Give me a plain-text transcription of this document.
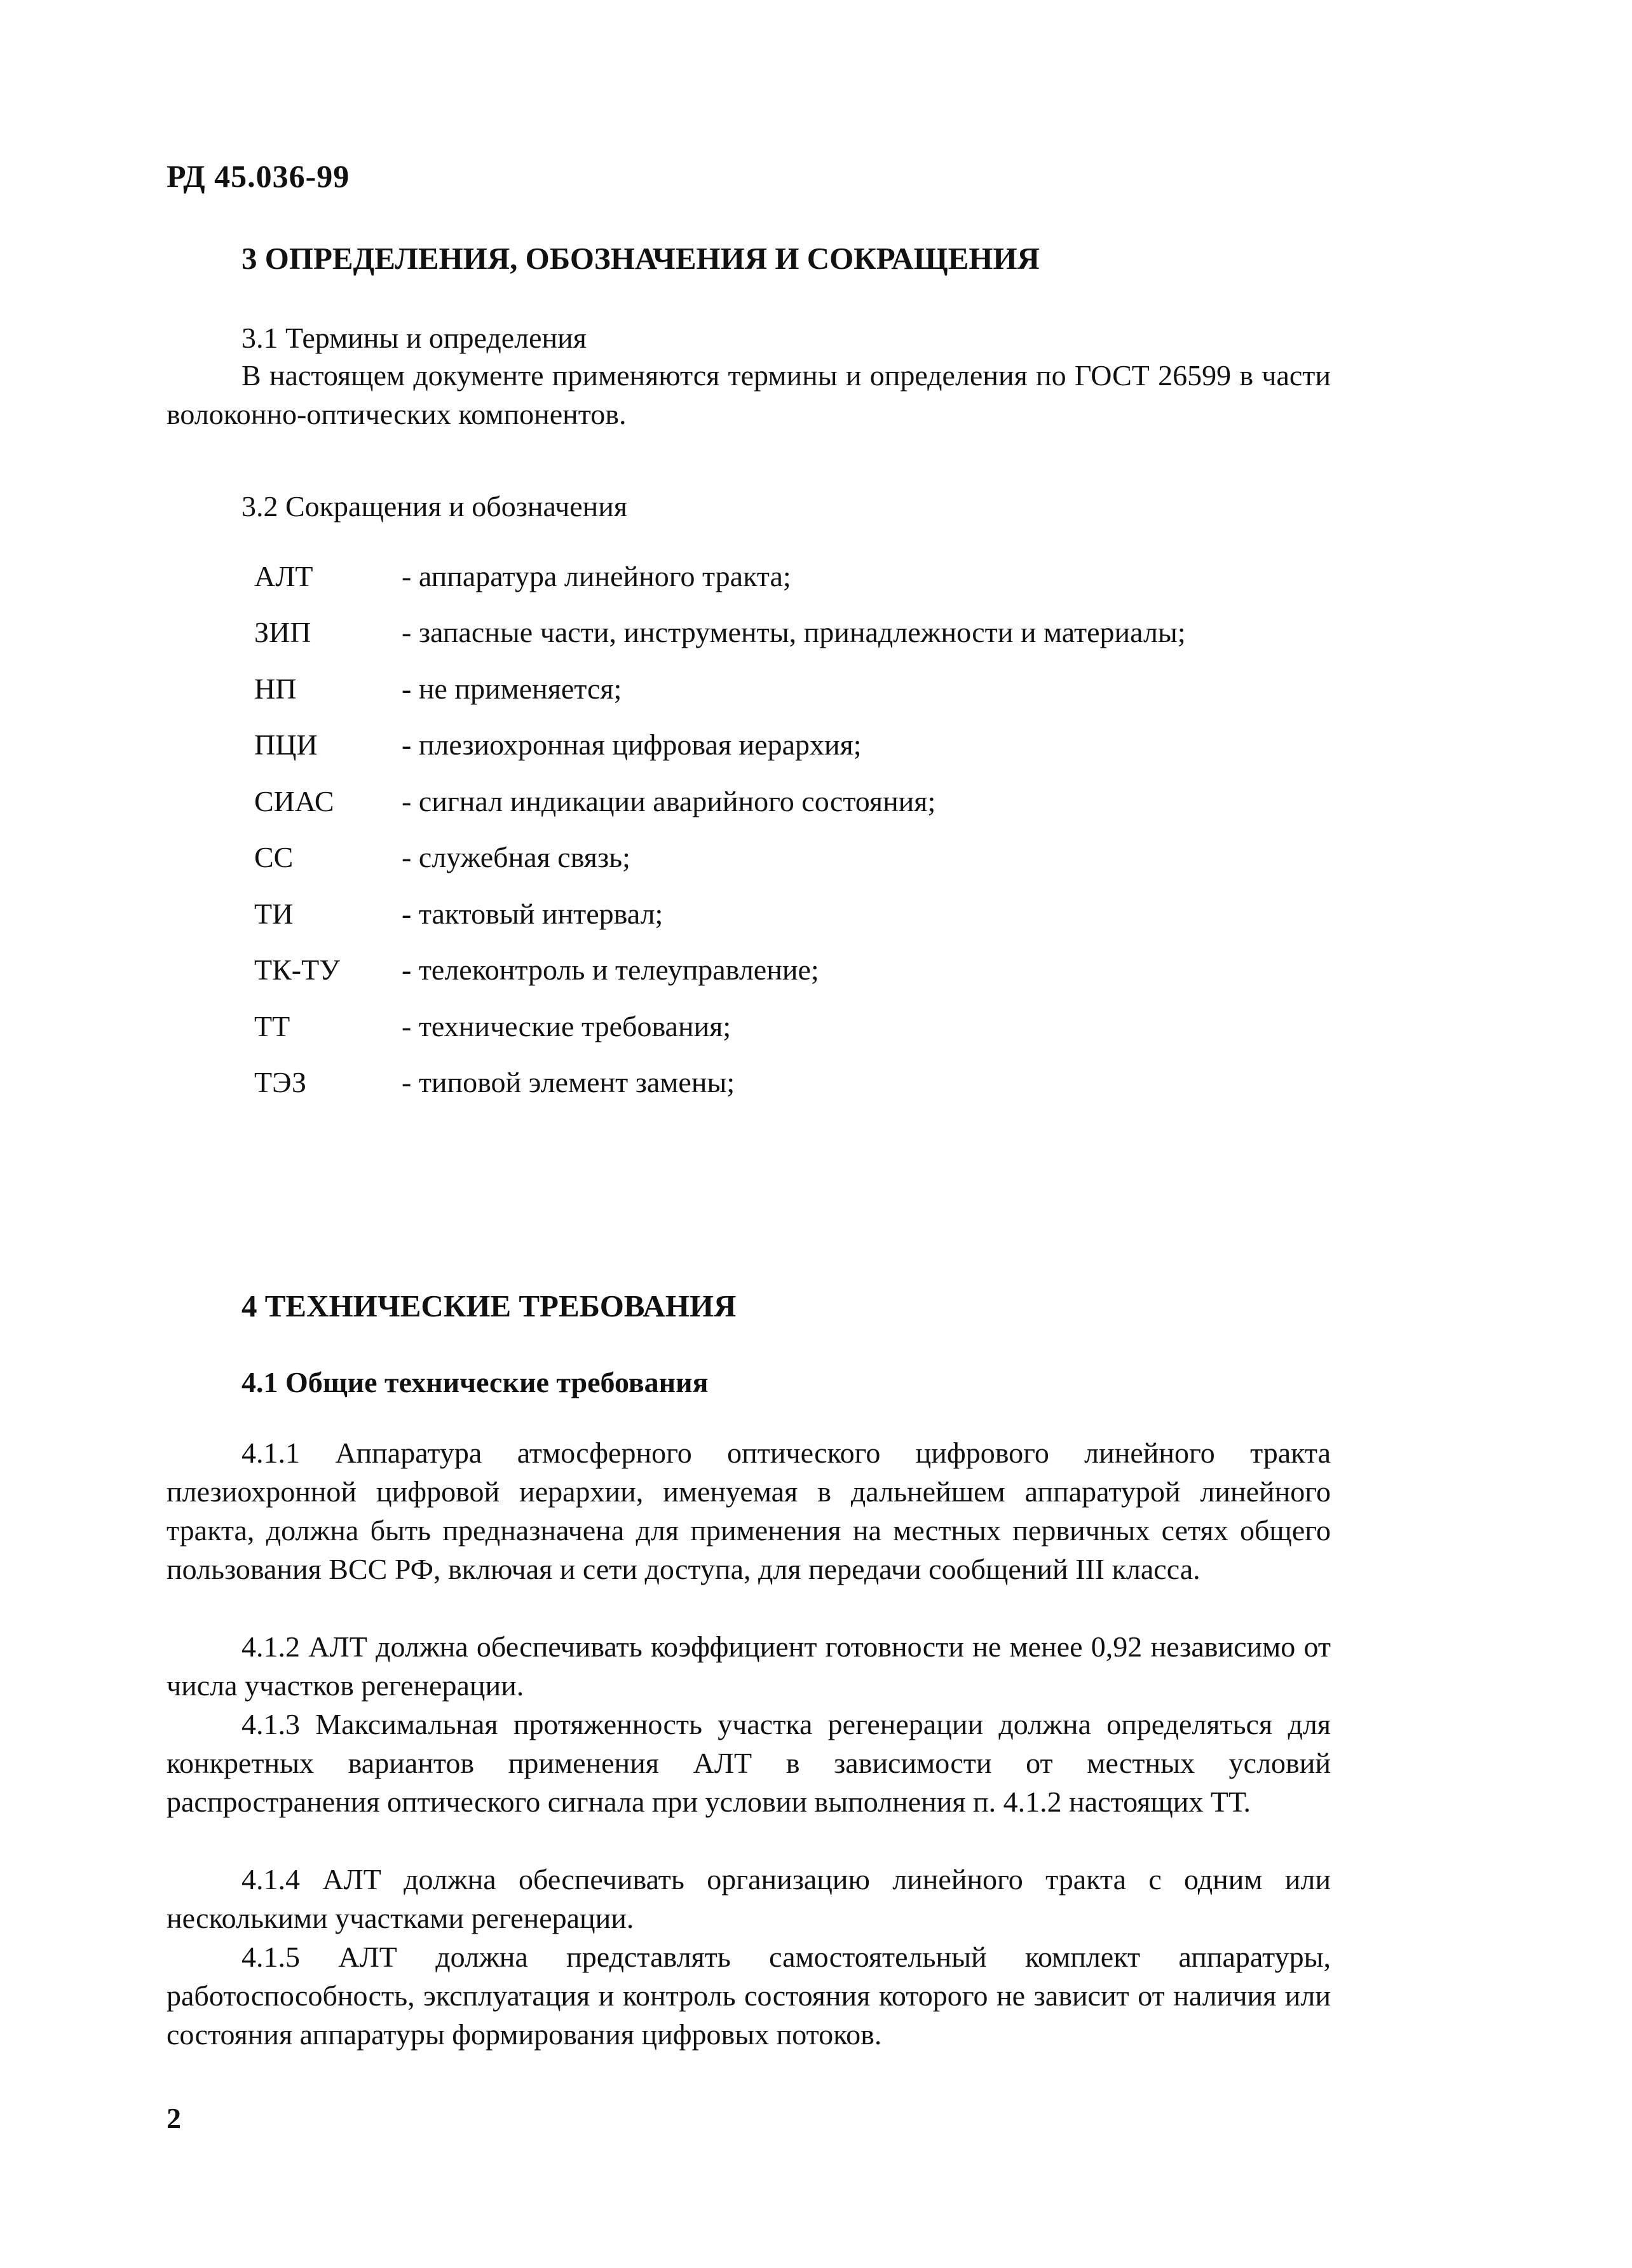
РД 45.036-99
3 ОПРЕДЕЛЕНИЯ, ОБОЗНАЧЕНИЯ И СОКРАЩЕНИЯ
3.1 Термины и определения
В настоящем документе применяются термины и определения по ГОСТ 26599 в части волоконно-оптических компонентов.
3.2 Сокращения и обозначения
АЛТ	- аппаратура линейного тракта;
ЗИП	- запасные части, инструменты, принадлежности и материалы;
НП	- не применяется;
ПЦИ	- плезиохронная цифровая иерархия;
СИАС	- сигнал индикации аварийного состояния;
СС	- служебная связь;
ТИ	- тактовый интервал;
ТК-ТУ	- телеконтроль и телеуправление;
ТТ	- технические требования;
ТЭЗ	- типовой элемент замены;
4 ТЕХНИЧЕСКИЕ ТРЕБОВАНИЯ
4.1 Общие технические требования
4.1.1 Аппаратура атмосферного оптического цифрового линейного тракта плезиохронной цифровой иерархии, именуемая в дальнейшем аппаратурой линейного тракта, должна быть предназначена для применения на местных первичных сетях общего пользования ВСС РФ, включая и сети доступа, для передачи сообщений III класса.
4.1.2 АЛТ должна обеспечивать коэффициент готовности не менее 0,92 независимо от числа участков регенерации.
4.1.3 Максимальная протяженность участка регенерации должна определяться для конкретных вариантов применения АЛТ в зависимости от местных условий распространения оптического сигнала при условии выполнения п. 4.1.2 настоящих ТТ.
4.1.4 АЛТ должна обеспечивать организацию линейного тракта с одним или несколькими участками регенерации.
4.1.5 АЛТ должна представлять самостоятельный комплект аппаратуры, работоспособность, эксплуатация и контроль состояния которого не зависит от наличия или состояния аппаратуры формирования цифровых потоков.
2
